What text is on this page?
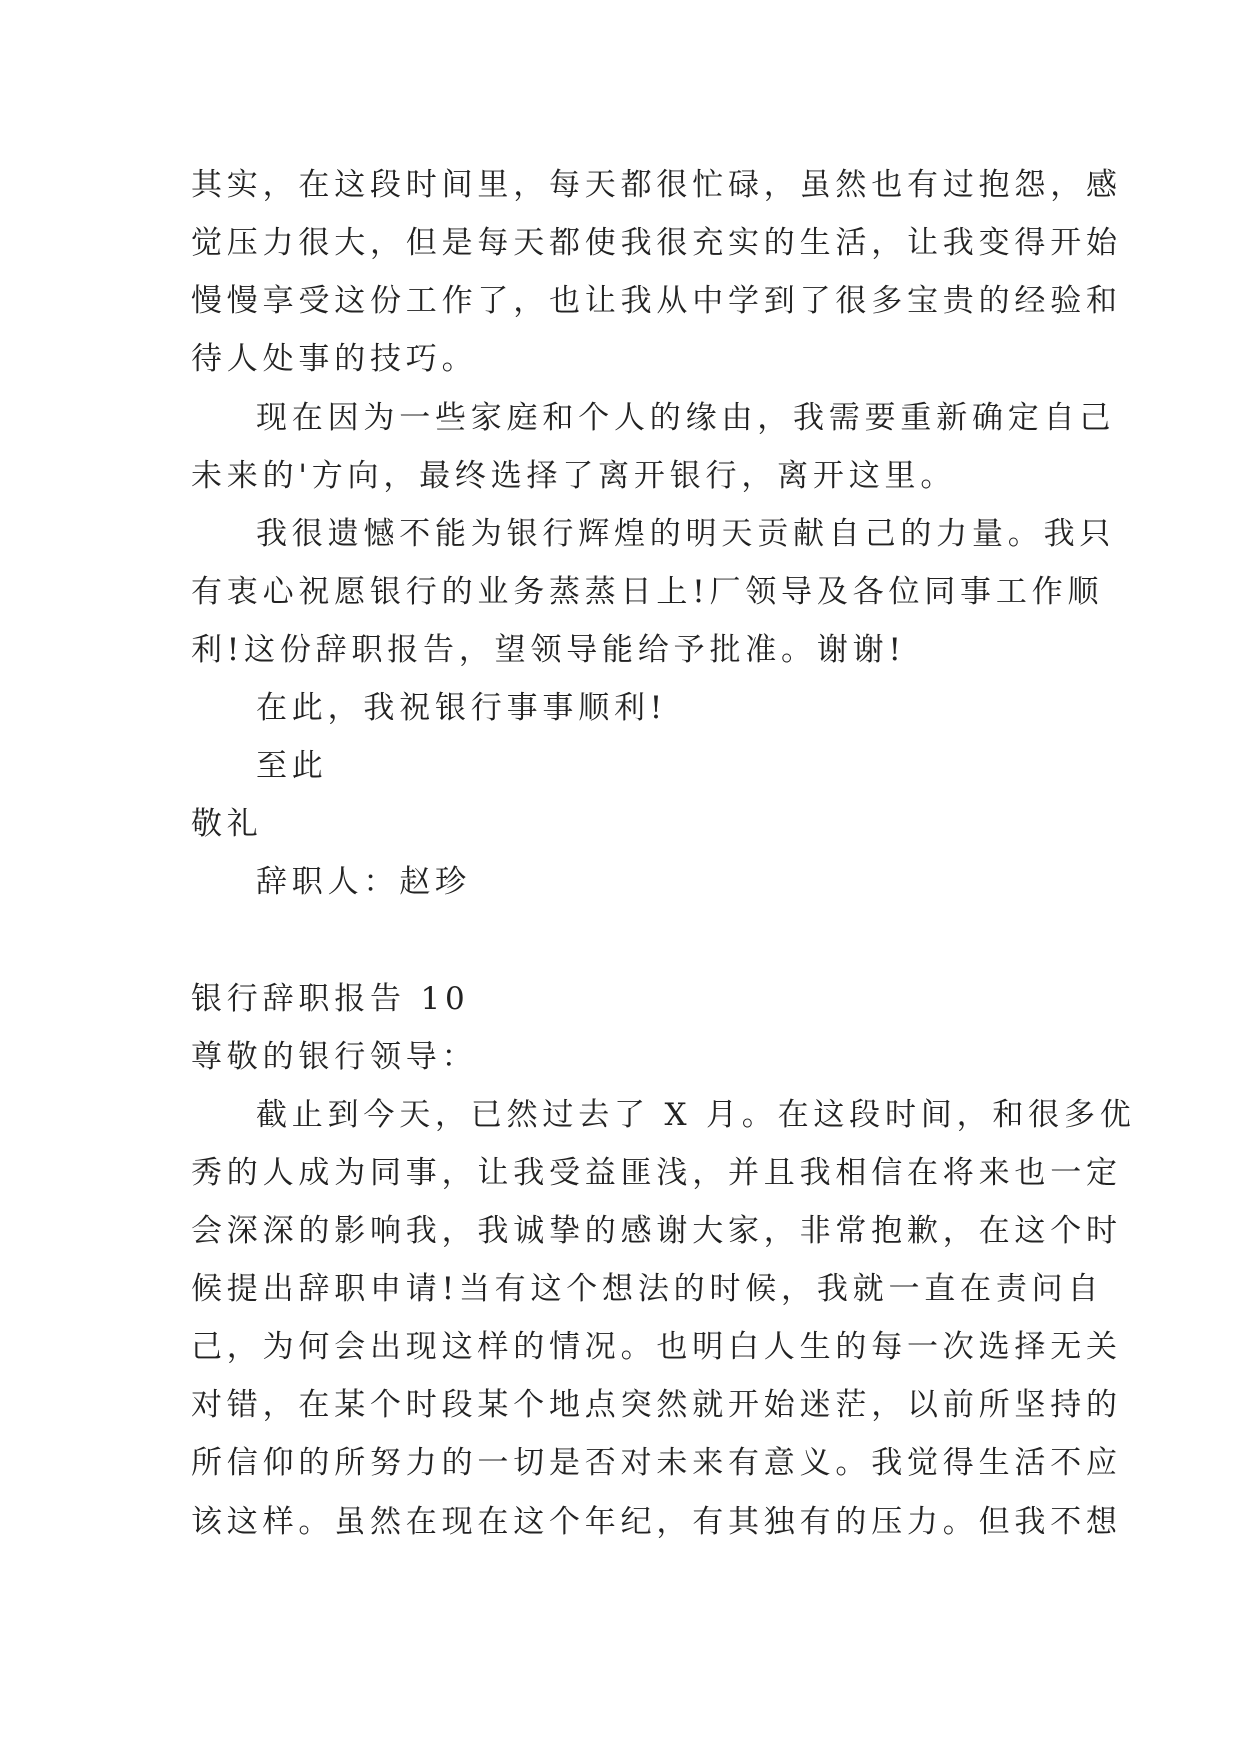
其实，在这段时间里，每天都很忙碌，虽然也有过抱怨，感
觉压力很大，但是每天都使我很充实的生活，让我变得开始
慢慢享受这份工作了，也让我从中学到了很多宝贵的经验和
待人处事的技巧。
现在因为一些家庭和个人的缘由，我需要重新确定自己
未来的'方向，最终选择了离开银行，离开这里。
我很遗憾不能为银行辉煌的明天贡献自己的力量。我只
有衷心祝愿银行的业务蒸蒸日上!厂领导及各位同事工作顺
利!这份辞职报告，望领导能给予批准。谢谢!
在此，我祝银行事事顺利!
至此
敬礼
辞职人：赵珍
银行辞职报告 10
尊敬的银行领导：
截止到今天，已然过去了 X 月。在这段时间，和很多优
秀的人成为同事，让我受益匪浅，并且我相信在将来也一定
会深深的影响我，我诚挚的感谢大家，非常抱歉，在这个时
候提出辞职申请!当有这个想法的时候，我就一直在责问自
己，为何会出现这样的情况。也明白人生的每一次选择无关
对错，在某个时段某个地点突然就开始迷茫，以前所坚持的
所信仰的所努力的一切是否对未来有意义。我觉得生活不应
该这样。虽然在现在这个年纪，有其独有的压力。但我不想
